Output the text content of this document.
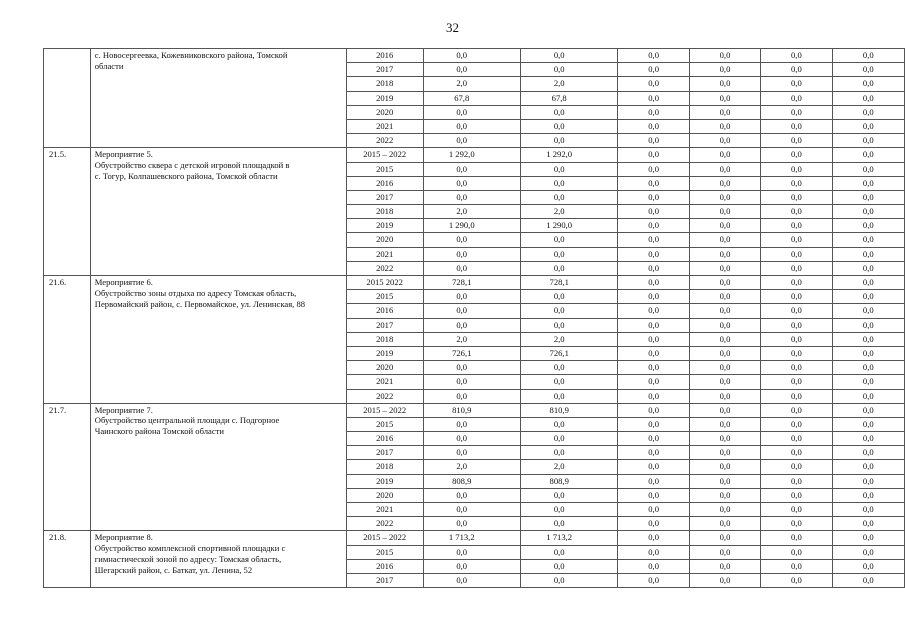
32

	с. Новосергеевка, Кожевниковского района, Томской
области	2016	0,0	0,0	0,0	0,0	0,0	0,0
		2017	0,0	0,0	0,0	0,0	0,0	0,0
		2018	2,0	2,0	0,0	0,0	0,0	0,0
		2019	67,8	67,8	0,0	0,0	0,0	0,0
		2020	0,0	0,0	0,0	0,0	0,0	0,0
		2021	0,0	0,0	0,0	0,0	0,0	0,0
		2022	0,0	0,0	0,0	0,0	0,0	0,0
21.5.	Мероприятие 5.
Обустройство сквера с детской игровой площадкой в
с. Тогур, Колпашевского района, Томской области	2015 – 2022	1 292,0	1 292,0	0,0	0,0	0,0	0,0
		2015	0,0	0,0	0,0	0,0	0,0	0,0
		2016	0,0	0,0	0,0	0,0	0,0	0,0
		2017	0,0	0,0	0,0	0,0	0,0	0,0
		2018	2,0	2,0	0,0	0,0	0,0	0,0
		2019	1 290,0	1 290,0	0,0	0,0	0,0	0,0
		2020	0,0	0,0	0,0	0,0	0,0	0,0
		2021	0,0	0,0	0,0	0,0	0,0	0,0
		2022	0,0	0,0	0,0	0,0	0,0	0,0
21.6.	Мероприятие 6.
Обустройство зоны отдыха по адресу Томская область,
Первомайский район, с. Первомайское, ул. Ленинская, 88	2015 2022	728,1	728,1	0,0	0,0	0,0	0,0
		2015	0,0	0,0	0,0	0,0	0,0	0,0
		2016	0,0	0,0	0,0	0,0	0,0	0,0
		2017	0,0	0,0	0,0	0,0	0,0	0,0
		2018	2,0	2,0	0,0	0,0	0,0	0,0
		2019	726,1	726,1	0,0	0,0	0,0	0,0
		2020	0,0	0,0	0,0	0,0	0,0	0,0
		2021	0,0	0,0	0,0	0,0	0,0	0,0
		2022	0,0	0,0	0,0	0,0	0,0	0,0
21.7.	Мероприятие 7.
Обустройство центральной площади с. Подгорное
Чаинского района Томской области	2015 – 2022	810,9	810,9	0,0	0,0	0,0	0,0
		2015	0,0	0,0	0,0	0,0	0,0	0,0
		2016	0,0	0,0	0,0	0,0	0,0	0,0
		2017	0,0	0,0	0,0	0,0	0,0	0,0
		2018	2,0	2,0	0,0	0,0	0,0	0,0
		2019	808,9	808,9	0,0	0,0	0,0	0,0
		2020	0,0	0,0	0,0	0,0	0,0	0,0
		2021	0,0	0,0	0,0	0,0	0,0	0,0
		2022	0,0	0,0	0,0	0,0	0,0	0,0
21.8.	Мероприятие 8.
Обустройство комплексной спортивной площадки с
гимнастической зоной по адресу: Томская область,
Шегарский район, с. Баткат, ул. Ленина, 52	2015 – 2022	1 713,2	1 713,2	0,0	0,0	0,0	0,0
		2015	0,0	0,0	0,0	0,0	0,0	0,0
		2016	0,0	0,0	0,0	0,0	0,0	0,0
		2017	0,0	0,0	0,0	0,0	0,0	0,0
